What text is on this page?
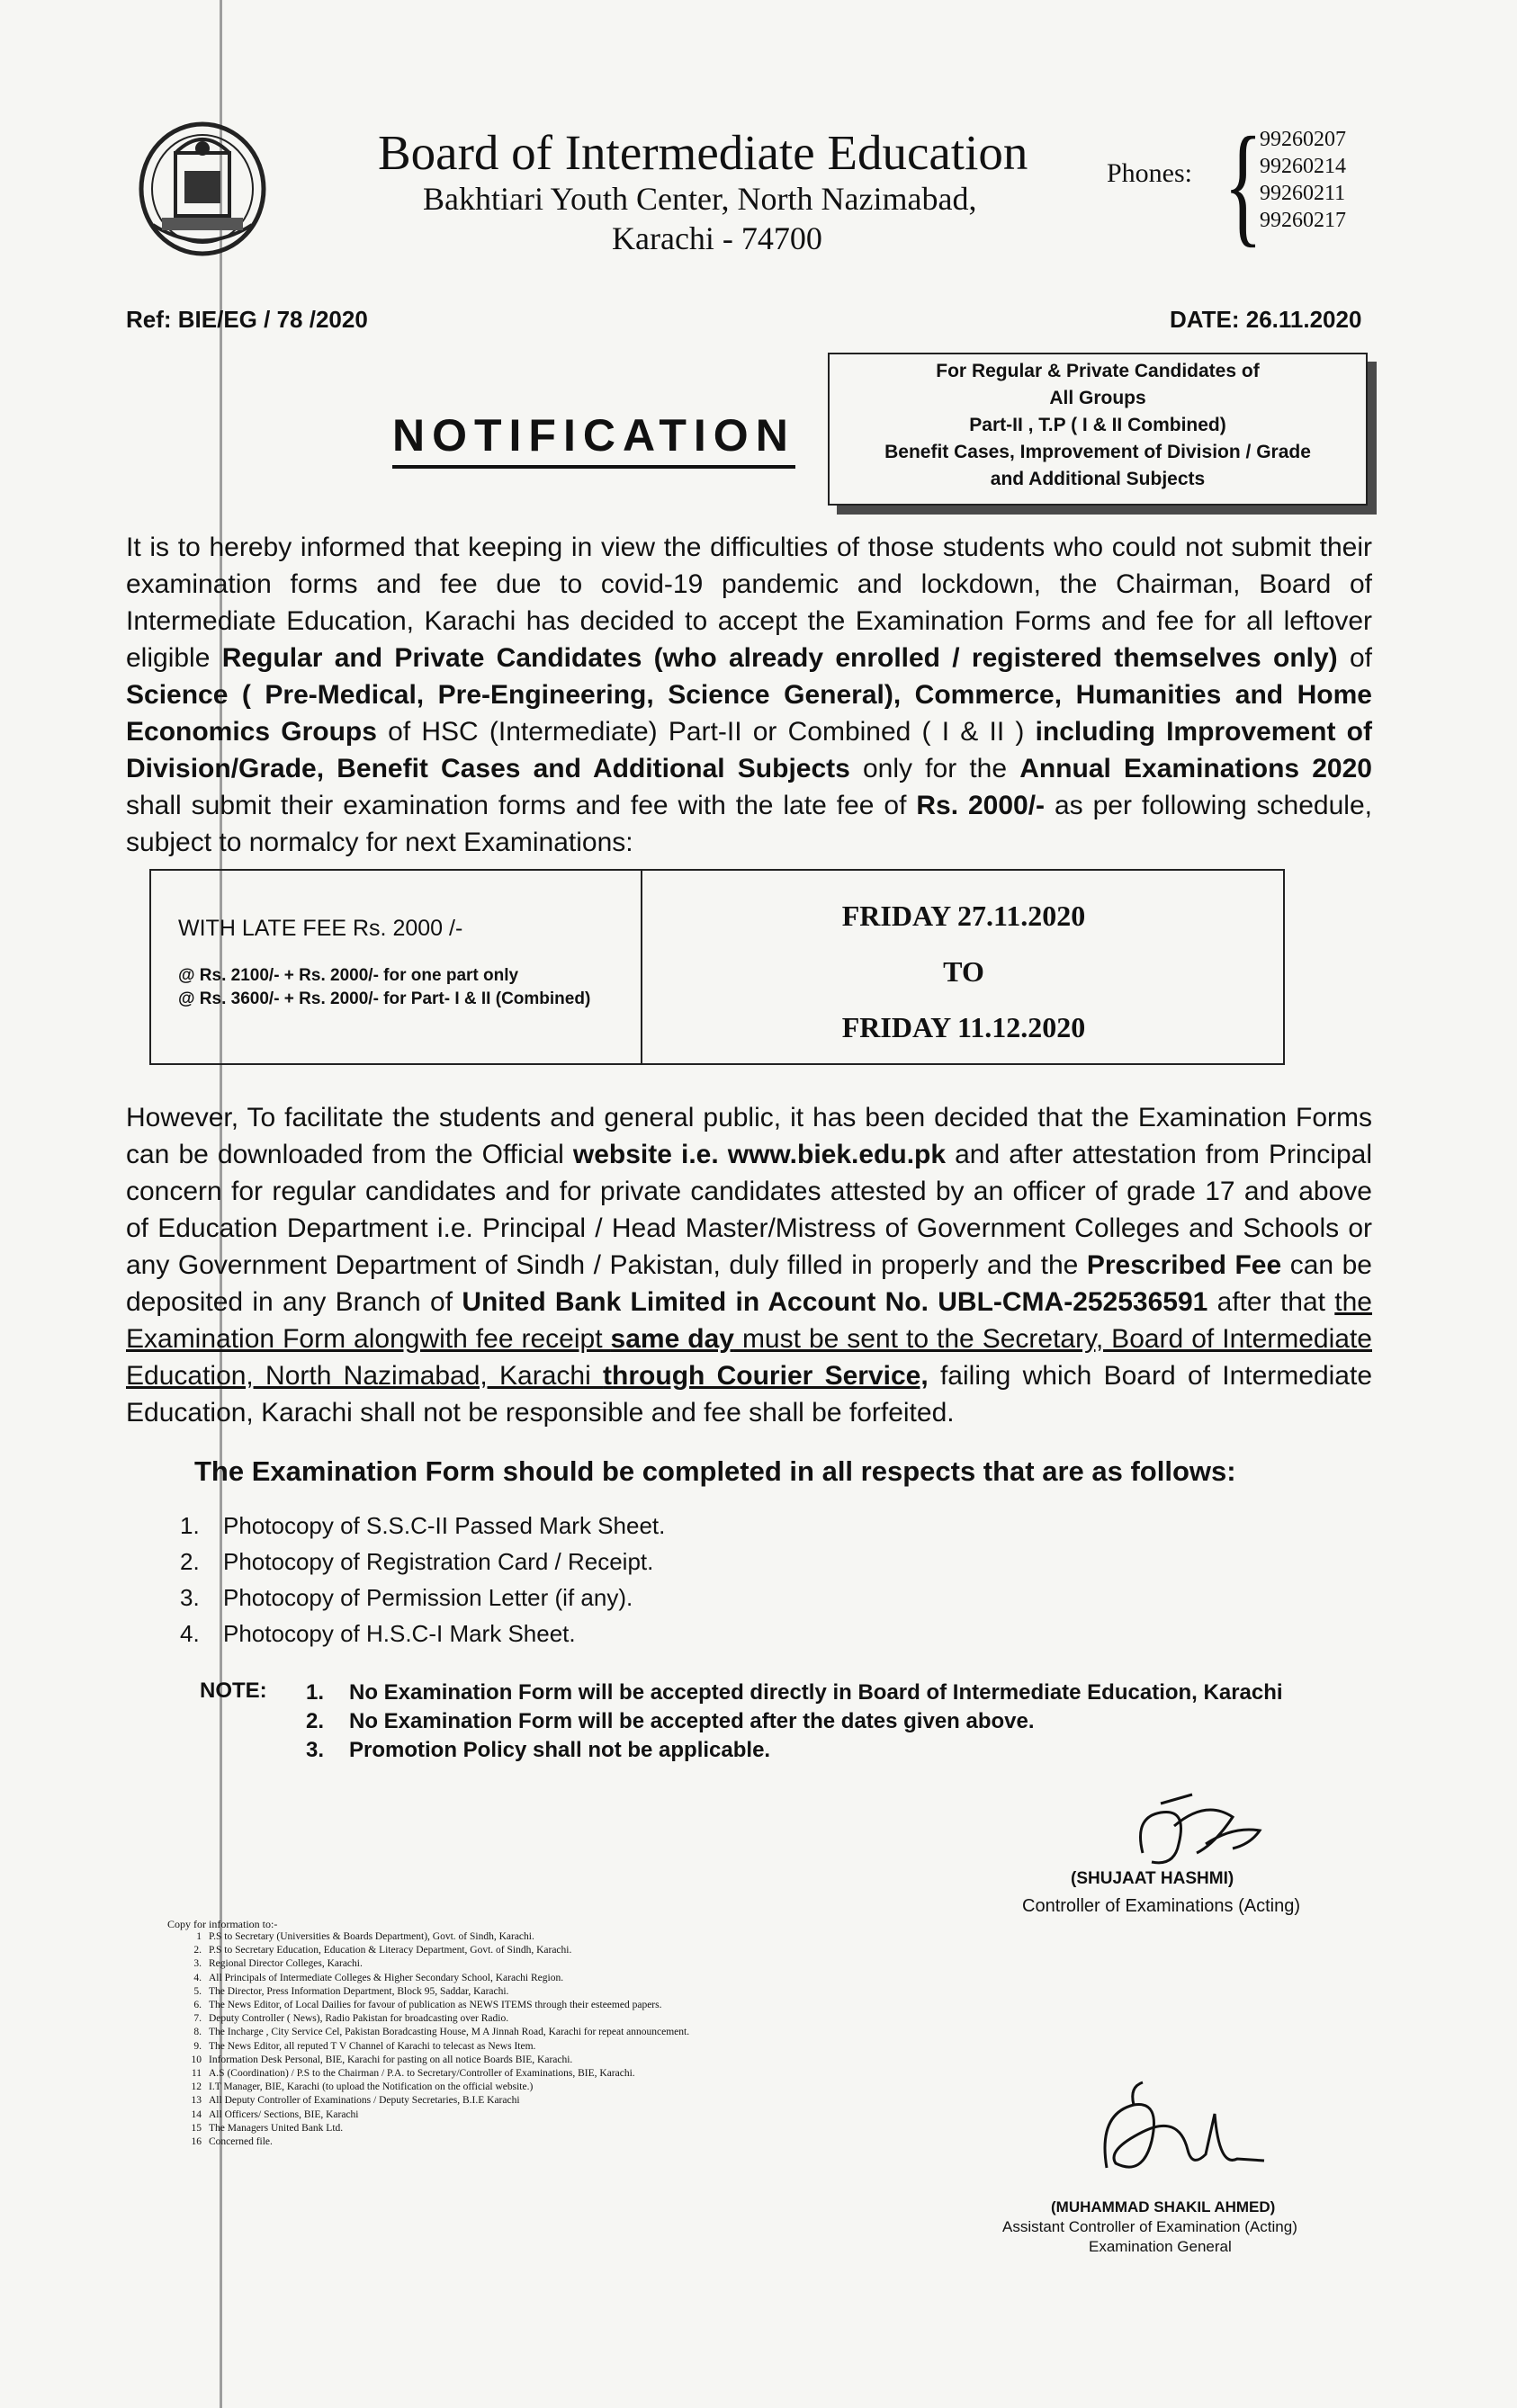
Board of Intermediate Education
Bakhtiari Youth Center, North Nazimabad,
Karachi - 74700
Phones: {
99260207
99260214
99260211
99260217
Ref: BIE/EG / 78 /2020	DATE: 26.11.2020
NOTIFICATION
For Regular & Private Candidates of
All Groups
Part-II , T.P ( I & II Combined)
Benefit Cases, Improvement of Division / Grade
and Additional Subjects
It is to hereby informed that keeping in view the difficulties of those students who could not submit their examination forms and fee due to covid-19 pandemic and lockdown, the Chairman, Board of Intermediate Education, Karachi has decided to accept the Examination Forms and fee for all leftover eligible Regular and Private Candidates (who already enrolled / registered themselves only) of Science ( Pre-Medical, Pre-Engineering, Science General), Commerce, Humanities and Home Economics Groups of HSC (Intermediate) Part-II or Combined ( I & II ) including Improvement of Division/Grade, Benefit Cases and Additional Subjects only for the Annual Examinations 2020 shall submit their examination forms and fee with the late fee of Rs. 2000/- as per following schedule, subject to normalcy for next Examinations:
WITH LATE FEE Rs. 2000 /-
@ Rs. 2100/- + Rs. 2000/- for one part only
@ Rs. 3600/- + Rs. 2000/- for Part- I & II (Combined)
FRIDAY 27.11.2020
TO
FRIDAY 11.12.2020
However, To facilitate the students and general public, it has been decided that the Examination Forms can be downloaded from the Official website i.e. www.biek.edu.pk and after attestation from Principal concern for regular candidates and for private candidates attested by an officer of grade 17 and above of Education Department i.e. Principal / Head Master/Mistress of Government Colleges and Schools or any Government Department of Sindh / Pakistan, duly filled in properly and the Prescribed Fee can be deposited in any Branch of United Bank Limited in Account No. UBL-CMA-252536591 after that the Examination Form alongwith fee receipt same day must be sent to the Secretary, Board of Intermediate Education, North Nazimabad, Karachi through Courier Service, failing which Board of Intermediate Education, Karachi shall not be responsible and fee shall be forfeited.
The Examination Form should be completed in all respects that are as follows:
1.	Photocopy of S.S.C-II Passed Mark Sheet.
2.	Photocopy of Registration Card / Receipt.
3.	Photocopy of Permission Letter (if any).
4.	Photocopy of H.S.C-I Mark Sheet.
NOTE: 1.	No Examination Form will be accepted directly in Board of Intermediate Education, Karachi
2.	No Examination Form will be accepted after the dates given above.
3.	Promotion Policy shall not be applicable.
(SHUJAAT HASHMI)
Controller of Examinations (Acting)
Copy for information to:-
1 P.S to Secretary (Universities & Boards Department), Govt. of Sindh, Karachi.
2. P.S to Secretary Education, Education & Literacy Department, Govt. of Sindh, Karachi.
3. Regional Director Colleges, Karachi.
4. All Principals of Intermediate Colleges & Higher Secondary School, Karachi Region.
5. The Director, Press Information Department, Block 95, Saddar, Karachi.
6. The News Editor, of Local Dailies for favour of publication as NEWS ITEMS through their esteemed papers.
7. Deputy Controller ( News), Radio Pakistan for broadcasting over Radio.
8. The Incharge , City Service Cel, Pakistan Boradcasting House, M A Jinnah Road, Karachi for repeat announcement.
9. The News Editor, all reputed T V Channel of Karachi to telecast as News Item.
10 Information Desk Personal, BIE, Karachi for pasting on all notice Boards BIE, Karachi.
11 A.S (Coordination) / P.S to the Chairman / P.A. to Secretary/Controller of Examinations, BIE, Karachi.
12 I.T Manager, BIE, Karachi (to upload the Notification on the official website.)
13 All Deputy Controller of Examinations / Deputy Secretaries, B.I.E Karachi
14 All Officers/ Sections, BIE, Karachi
15 The Managers United Bank Ltd.
16 Concerned file.
(MUHAMMAD SHAKIL AHMED)
Assistant Controller of Examination (Acting)
Examination General
